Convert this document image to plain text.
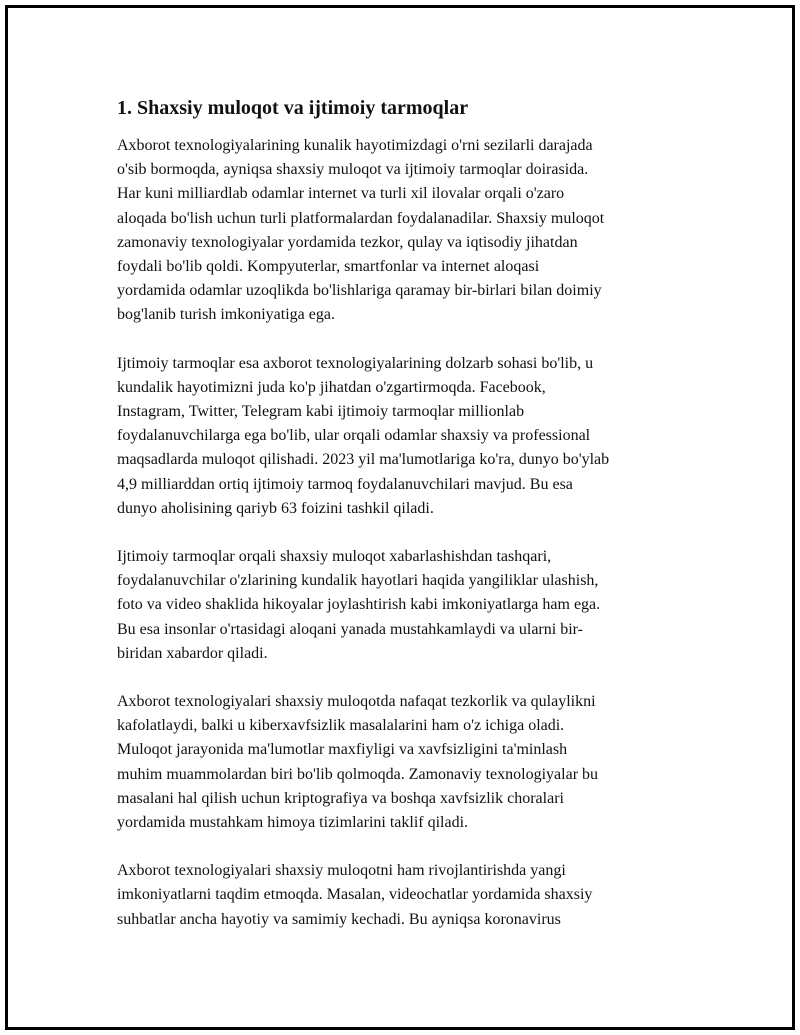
1. Shaxsiy muloqot va ijtimoiy tarmoqlar

Axborot texnologiyalarining kunalik hayotimizdagi o'rni sezilarli darajada
o'sib bormoqda, ayniqsa shaxsiy muloqot va ijtimoiy tarmoqlar doirasida.
Har kuni milliardlab odamlar internet va turli xil ilovalar orqali o'zaro
aloqada bo'lish uchun turli platformalardan foydalanadilar. Shaxsiy muloqot
zamonaviy texnologiyalar yordamida tezkor, qulay va iqtisodiy jihatdan
foydali bo'lib qoldi. Kompyuterlar, smartfonlar va internet aloqasi
yordamida odamlar uzoqlikda bo'lishlariga qaramay bir-birlari bilan doimiy
bog'lanib turish imkoniyatiga ega.

Ijtimoiy tarmoqlar esa axborot texnologiyalarining dolzarb sohasi bo'lib, u
kundalik hayotimizni juda ko'p jihatdan o'zgartirmoqda. Facebook,
Instagram, Twitter, Telegram kabi ijtimoiy tarmoqlar millionlab
foydalanuvchilarga ega bo'lib, ular orqali odamlar shaxsiy va professional
maqsadlarda muloqot qilishadi. 2023 yil ma'lumotlariga ko'ra, dunyo bo'ylab
4,9 milliarddan ortiq ijtimoiy tarmoq foydalanuvchilari mavjud. Bu esa
dunyo aholisining qariyb 63 foizini tashkil qiladi.

Ijtimoiy tarmoqlar orqali shaxsiy muloqot xabarlashishdan tashqari,
foydalanuvchilar o'zlarining kundalik hayotlari haqida yangiliklar ulashish,
foto va video shaklida hikoyalar joylashtirish kabi imkoniyatlarga ham ega.
Bu esa insonlar o'rtasidagi aloqani yanada mustahkamlaydi va ularni bir-
biridan xabardor qiladi.

Axborot texnologiyalari shaxsiy muloqotda nafaqat tezkorlik va qulaylikni
kafolatlaydi, balki u kiberxavfsizlik masalalarini ham o'z ichiga oladi.
Muloqot jarayonida ma'lumotlar maxfiyligi va xavfsizligini ta'minlash
muhim muammolardan biri bo'lib qolmoqda. Zamonaviy texnologiyalar bu
masalani hal qilish uchun kriptografiya va boshqa xavfsizlik choralari
yordamida mustahkam himoya tizimlarini taklif qiladi.

Axborot texnologiyalari shaxsiy muloqotni ham rivojlantirishda yangi
imkoniyatlarni taqdim etmoqda. Masalan, videochatlar yordamida shaxsiy
suhbatlar ancha hayotiy va samimiy kechadi. Bu ayniqsa koronavirus
